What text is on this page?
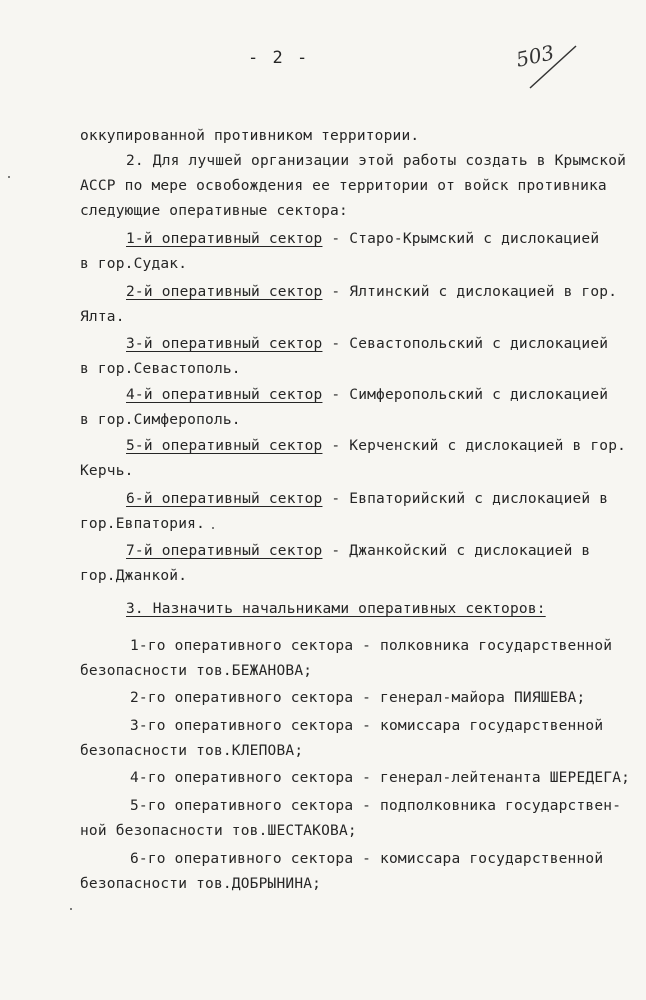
- 2 -	503
оккупированной противником территории.
2. Для лучшей организации этой работы создать в Крымской
АССР по мере освобождения ее территории от войск противника
следующие оперативные сектора:
1-й оперативный сектор - Старо-Крымский с дислокацией
в гор.Судак.
2-й оперативный сектор - Ялтинский с дислокацией в гор.
Ялта.
3-й оперативный сектор - Севастопольский с дислокацией
в гор.Севастополь.
4-й оперативный сектор - Симферопольский с дислокацией
в гор.Симферополь.
5-й оперативный сектор - Керченский с дислокацией в гор.
Керчь.
6-й оперативный сектор - Евпаторийский с дислокацией в
гор.Евпатория.
7-й оперативный сектор - Джанкойский с дислокацией в
гор.Джанкой.
3. Назначить начальниками оперативных секторов:
1-го оперативного сектора - полковника государственной
безопасности тов.БЕЖАНОВА;
2-го оперативного сектора - генерал-майора ПИЯШЕВА;
3-го оперативного сектора - комиссара государственной
безопасности тов.КЛЕПОВА;
4-го оперативного сектора - генерал-лейтенанта ШЕРЕДЕГА;
5-го оперативного сектора - подполковника государствен-
ной безопасности тов.ШЕСТАКОВА;
6-го оперативного сектора - комиссара государственной
безопасности тов.ДОБРЫНИНА;
